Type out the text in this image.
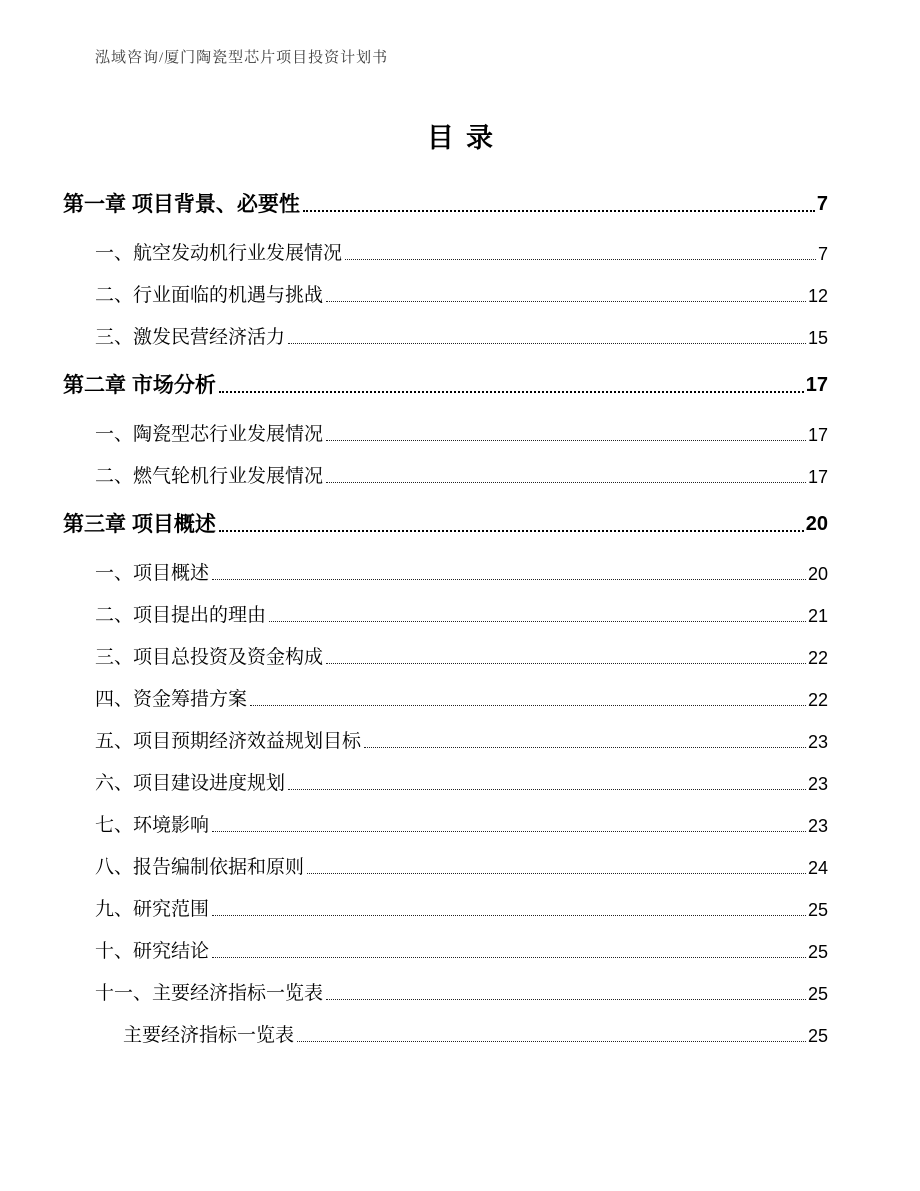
泓域咨询/厦门陶瓷型芯片项目投资计划书
目录
第一章 项目背景、必要性	7
一、航空发动机行业发展情况	7
二、行业面临的机遇与挑战	12
三、激发民营经济活力	15
第二章 市场分析	17
一、陶瓷型芯行业发展情况	17
二、燃气轮机行业发展情况	17
第三章 项目概述	20
一、项目概述	20
二、项目提出的理由	21
三、项目总投资及资金构成	22
四、资金筹措方案	22
五、项目预期经济效益规划目标	23
六、项目建设进度规划	23
七、环境影响	23
八、报告编制依据和原则	24
九、研究范围	25
十、研究结论	25
十一、主要经济指标一览表	25
主要经济指标一览表	25
